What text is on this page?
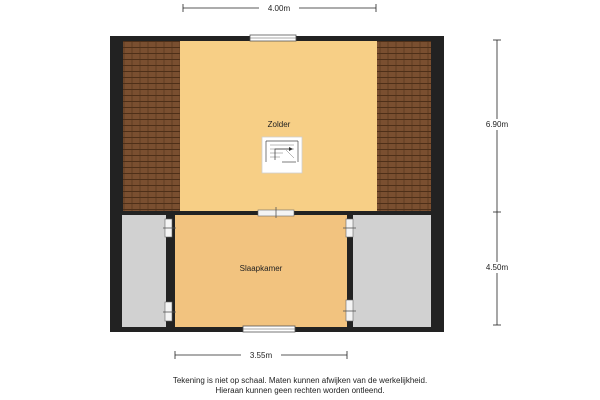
Zolder
Slaapkamer
4.00m
3.55m
6.90m
4.50m
Tekening is niet op schaal. Maten kunnen afwijken van de werkelijkheid.
Hieraan kunnen geen rechten worden ontleend.
